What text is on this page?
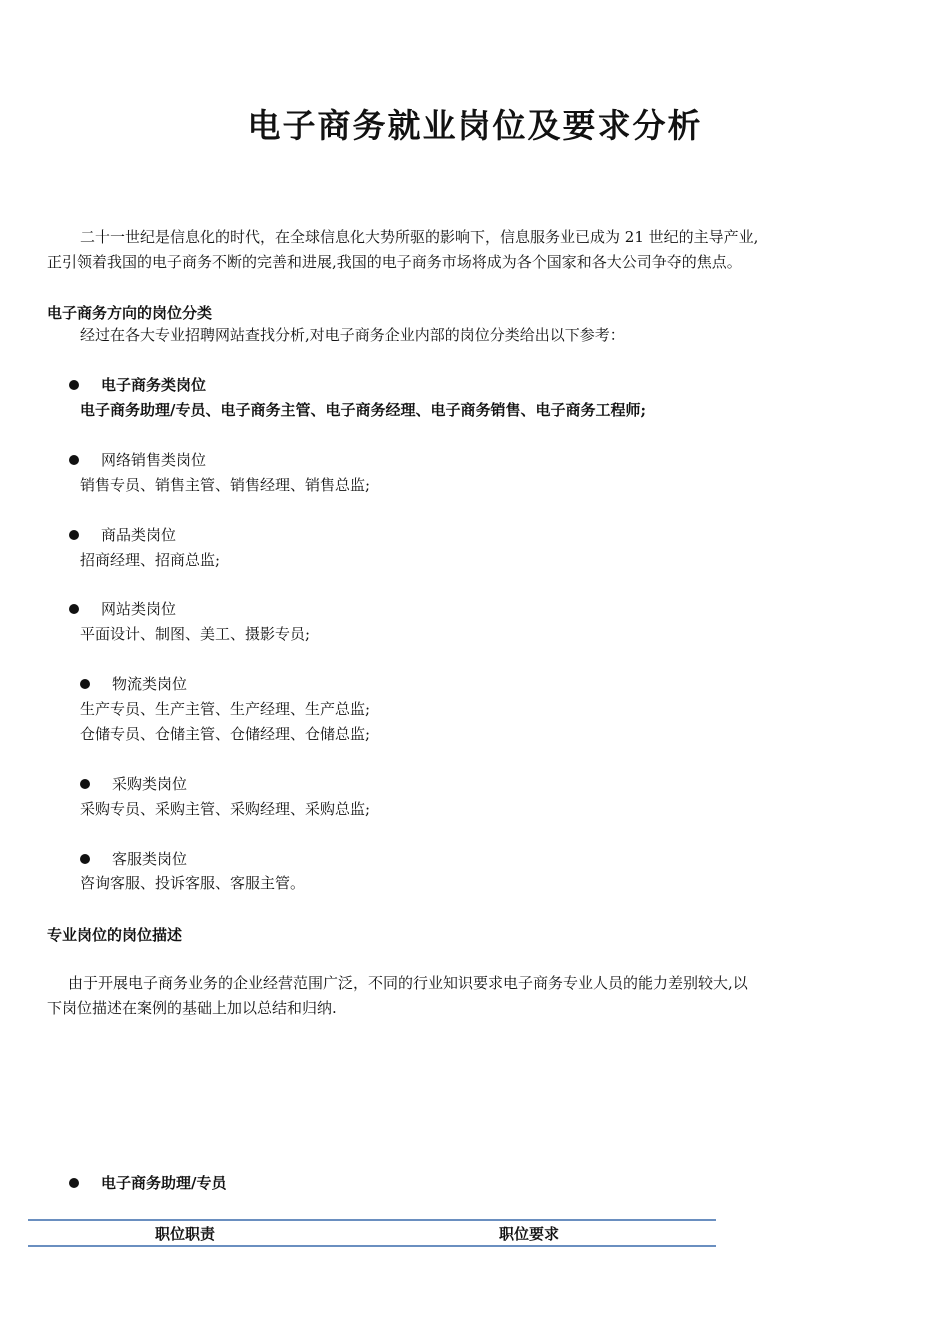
电子商务就业岗位及要求分析
二十一世纪是信息化的时代，在全球信息化大势所驱的影响下，信息服务业已成为 21 世纪的主导产业,
正引领着我国的电子商务不断的完善和进展,我国的电子商务市场将成为各个国家和各大公司争夺的焦点。
电子商务方向的岗位分类
经过在各大专业招聘网站查找分析,对电子商务企业内部的岗位分类给出以下参考：
电子商务类岗位
电子商务助理/专员、电子商务主管、电子商务经理、电子商务销售、电子商务工程师;
网络销售类岗位
销售专员、销售主管、销售经理、销售总监;
商品类岗位
招商经理、招商总监;
网站类岗位
平面设计、制图、美工、摄影专员;
物流类岗位
生产专员、生产主管、生产经理、生产总监;
仓储专员、仓储主管、仓储经理、仓储总监;
采购类岗位
采购专员、采购主管、采购经理、采购总监;
客服类岗位
咨询客服、投诉客服、客服主管。
专业岗位的岗位描述
由于开展电子商务业务的企业经营范围广泛，不同的行业知识要求电子商务专业人员的能力差别较大,以
下岗位描述在案例的基础上加以总结和归纳.
电子商务助理/专员
职位职责	职位要求
